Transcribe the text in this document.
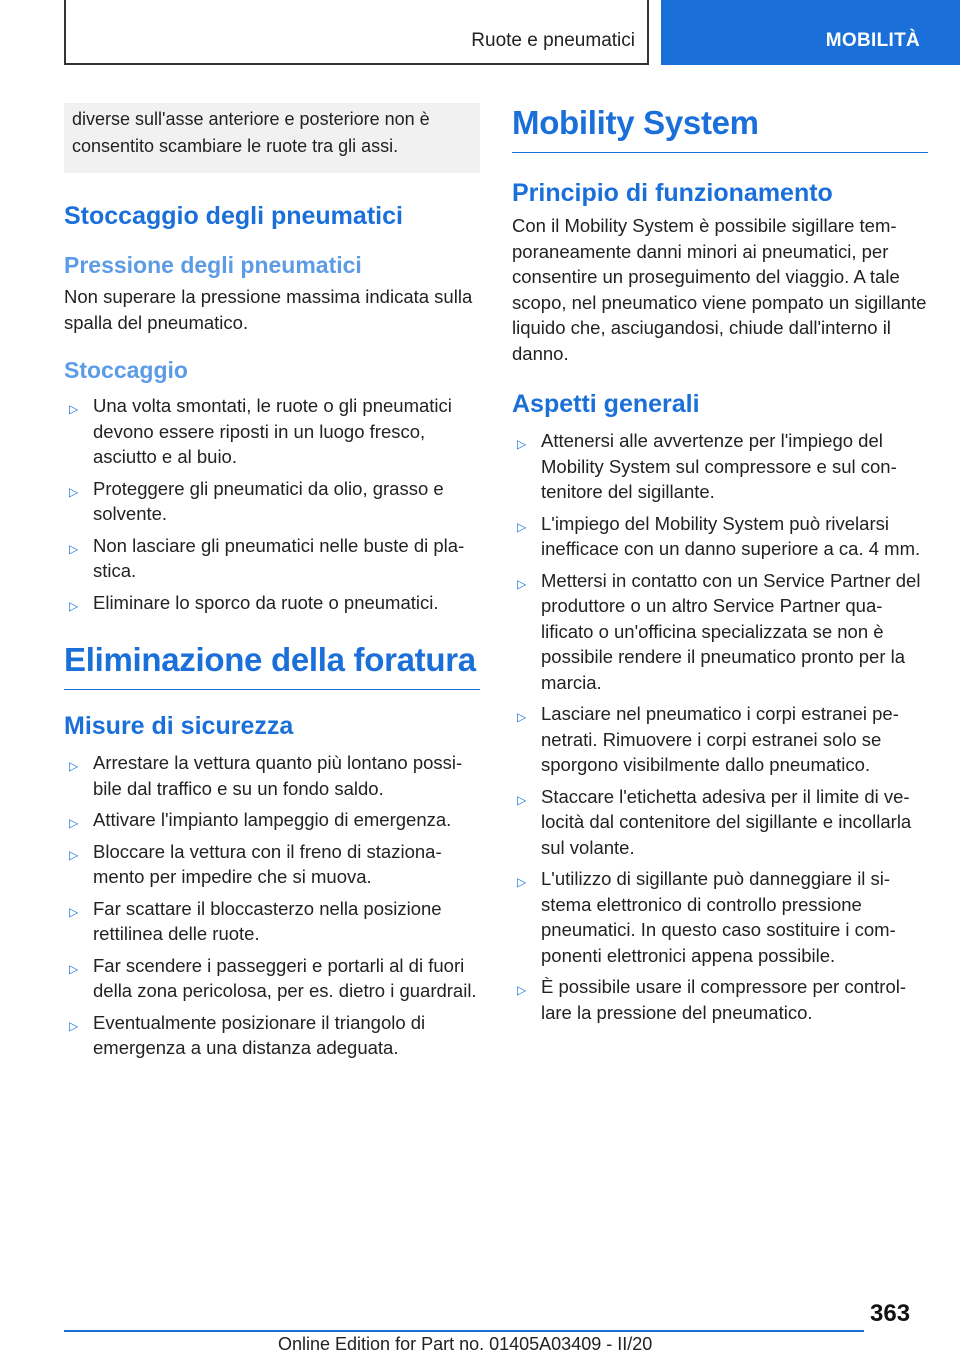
Ruote e pneumatici	MOBILITÀ
diverse sull'asse anteriore e posteriore non è consentito scambiare le ruote tra gli assi.
Stoccaggio degli pneumatici
Pressione degli pneumatici
Non superare la pressione massima indicata sulla spalla del pneumatico.
Stoccaggio
▷ Una volta smontati, le ruote o gli pneumatici devono essere riposti in un luogo fresco, asciutto e al buio.
▷ Proteggere gli pneumatici da olio, grasso e solvente.
▷ Non lasciare gli pneumatici nelle buste di plastica.
▷ Eliminare lo sporco da ruote o pneumatici.
Eliminazione della foratura
Misure di sicurezza
▷ Arrestare la vettura quanto più lontano possibile dal traffico e su un fondo saldo.
▷ Attivare l'impianto lampeggio di emergenza.
▷ Bloccare la vettura con il freno di stazionamento per impedire che si muova.
▷ Far scattare il bloccasterzo nella posizione rettilinea delle ruote.
▷ Far scendere i passeggeri e portarli al di fuori della zona pericolosa, per es. dietro i guardrail.
▷ Eventualmente posizionare il triangolo di emergenza a una distanza adeguata.
Mobility System
Principio di funzionamento
Con il Mobility System è possibile sigillare temporaneamente danni minori ai pneumatici, per consentire un proseguimento del viaggio. A tale scopo, nel pneumatico viene pompato un sigillante liquido che, asciugandosi, chiude dall'interno il danno.
Aspetti generali
▷ Attenersi alle avvertenze per l'impiego del Mobility System sul compressore e sul contenitore del sigillante.
▷ L'impiego del Mobility System può rivelarsi inefficace con un danno superiore a ca. 4 mm.
▷ Mettersi in contatto con un Service Partner del produttore o un altro Service Partner qualificato o un'officina specializzata se non è possibile rendere il pneumatico pronto per la marcia.
▷ Lasciare nel pneumatico i corpi estranei penetrati. Rimuovere i corpi estranei solo se sporgono visibilmente dallo pneumatico.
▷ Staccare l'etichetta adesiva per il limite di velocità dal contenitore del sigillante e incollarla sul volante.
▷ L'utilizzo di sigillante può danneggiare il sistema elettronico di controllo pressione pneumatici. In questo caso sostituire i componenti elettronici appena possibile.
▷ È possibile usare il compressore per controllare la pressione del pneumatico.
363
Online Edition for Part no. 01405A03409 - II/20
